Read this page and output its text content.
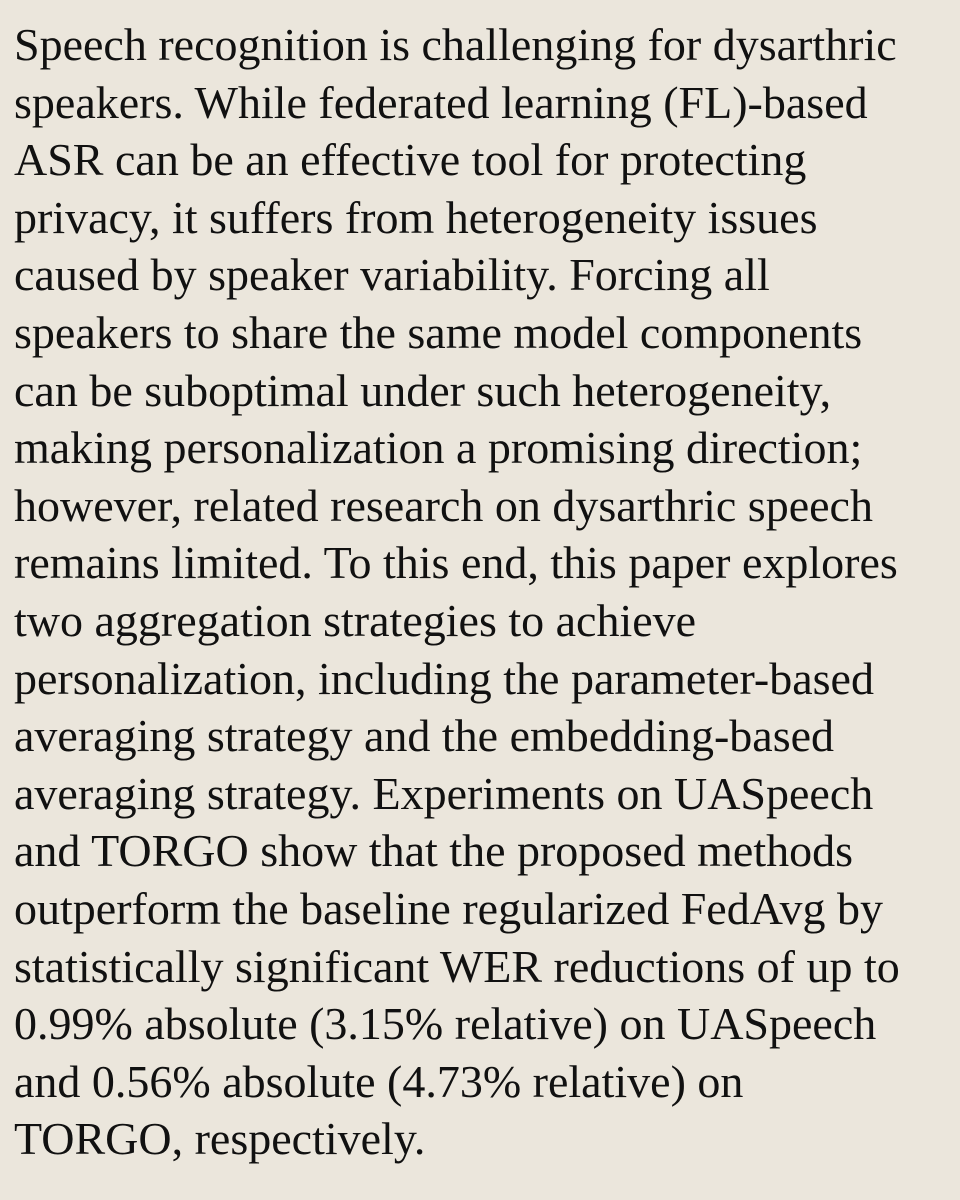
Speech recognition is challenging for dysarthric
speakers. While federated learning (FL)-based
ASR can be an effective tool for protecting
privacy, it suffers from heterogeneity issues
caused by speaker variability. Forcing all
speakers to share the same model components
can be suboptimal under such heterogeneity,
making personalization a promising direction;
however, related research on dysarthric speech
remains limited. To this end, this paper explores
two aggregation strategies to achieve
personalization, including the parameter-based
averaging strategy and the embedding-based
averaging strategy. Experiments on UASpeech
and TORGO show that the proposed methods
outperform the baseline regularized FedAvg by
statistically significant WER reductions of up to
0.99% absolute (3.15% relative) on UASpeech
and 0.56% absolute (4.73% relative) on
TORGO, respectively.
